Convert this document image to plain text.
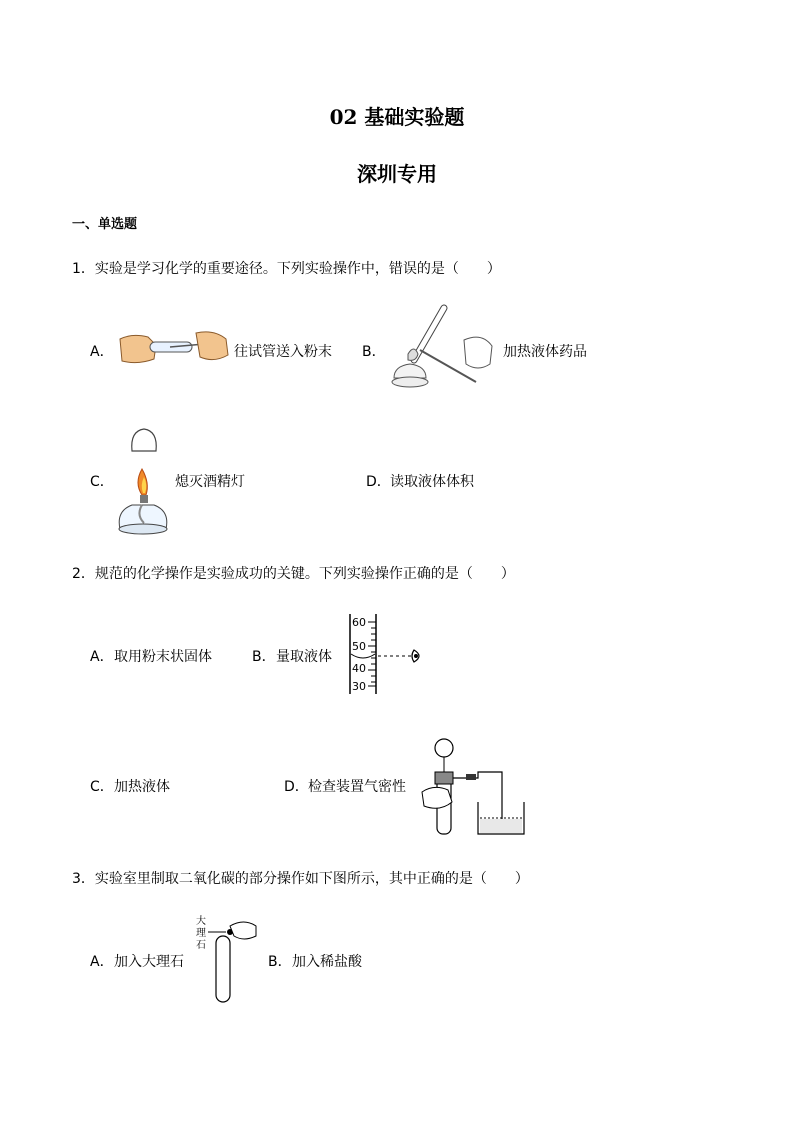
02 基础实验题
深圳专用
一、单选题
1．实验是学习化学的重要途径。下列实验操作中，错误的是（　　）
A．	往试管送入粉末 B．	加热液体药品
C．	熄灭酒精灯	D． 读取液体体积
2．规范的化学操作是实验成功的关键。下列实验操作正确的是（　　）
A． 取用粉末状固体	B． 量取液体
60
50
40
30
C． 加热液体	D． 检查装置气密性
3．实验室里制取二氧化碳的部分操作如下图所示，其中正确的是（　　）
大
理
石
A． 加入大理石	B． 加入稀盐酸
